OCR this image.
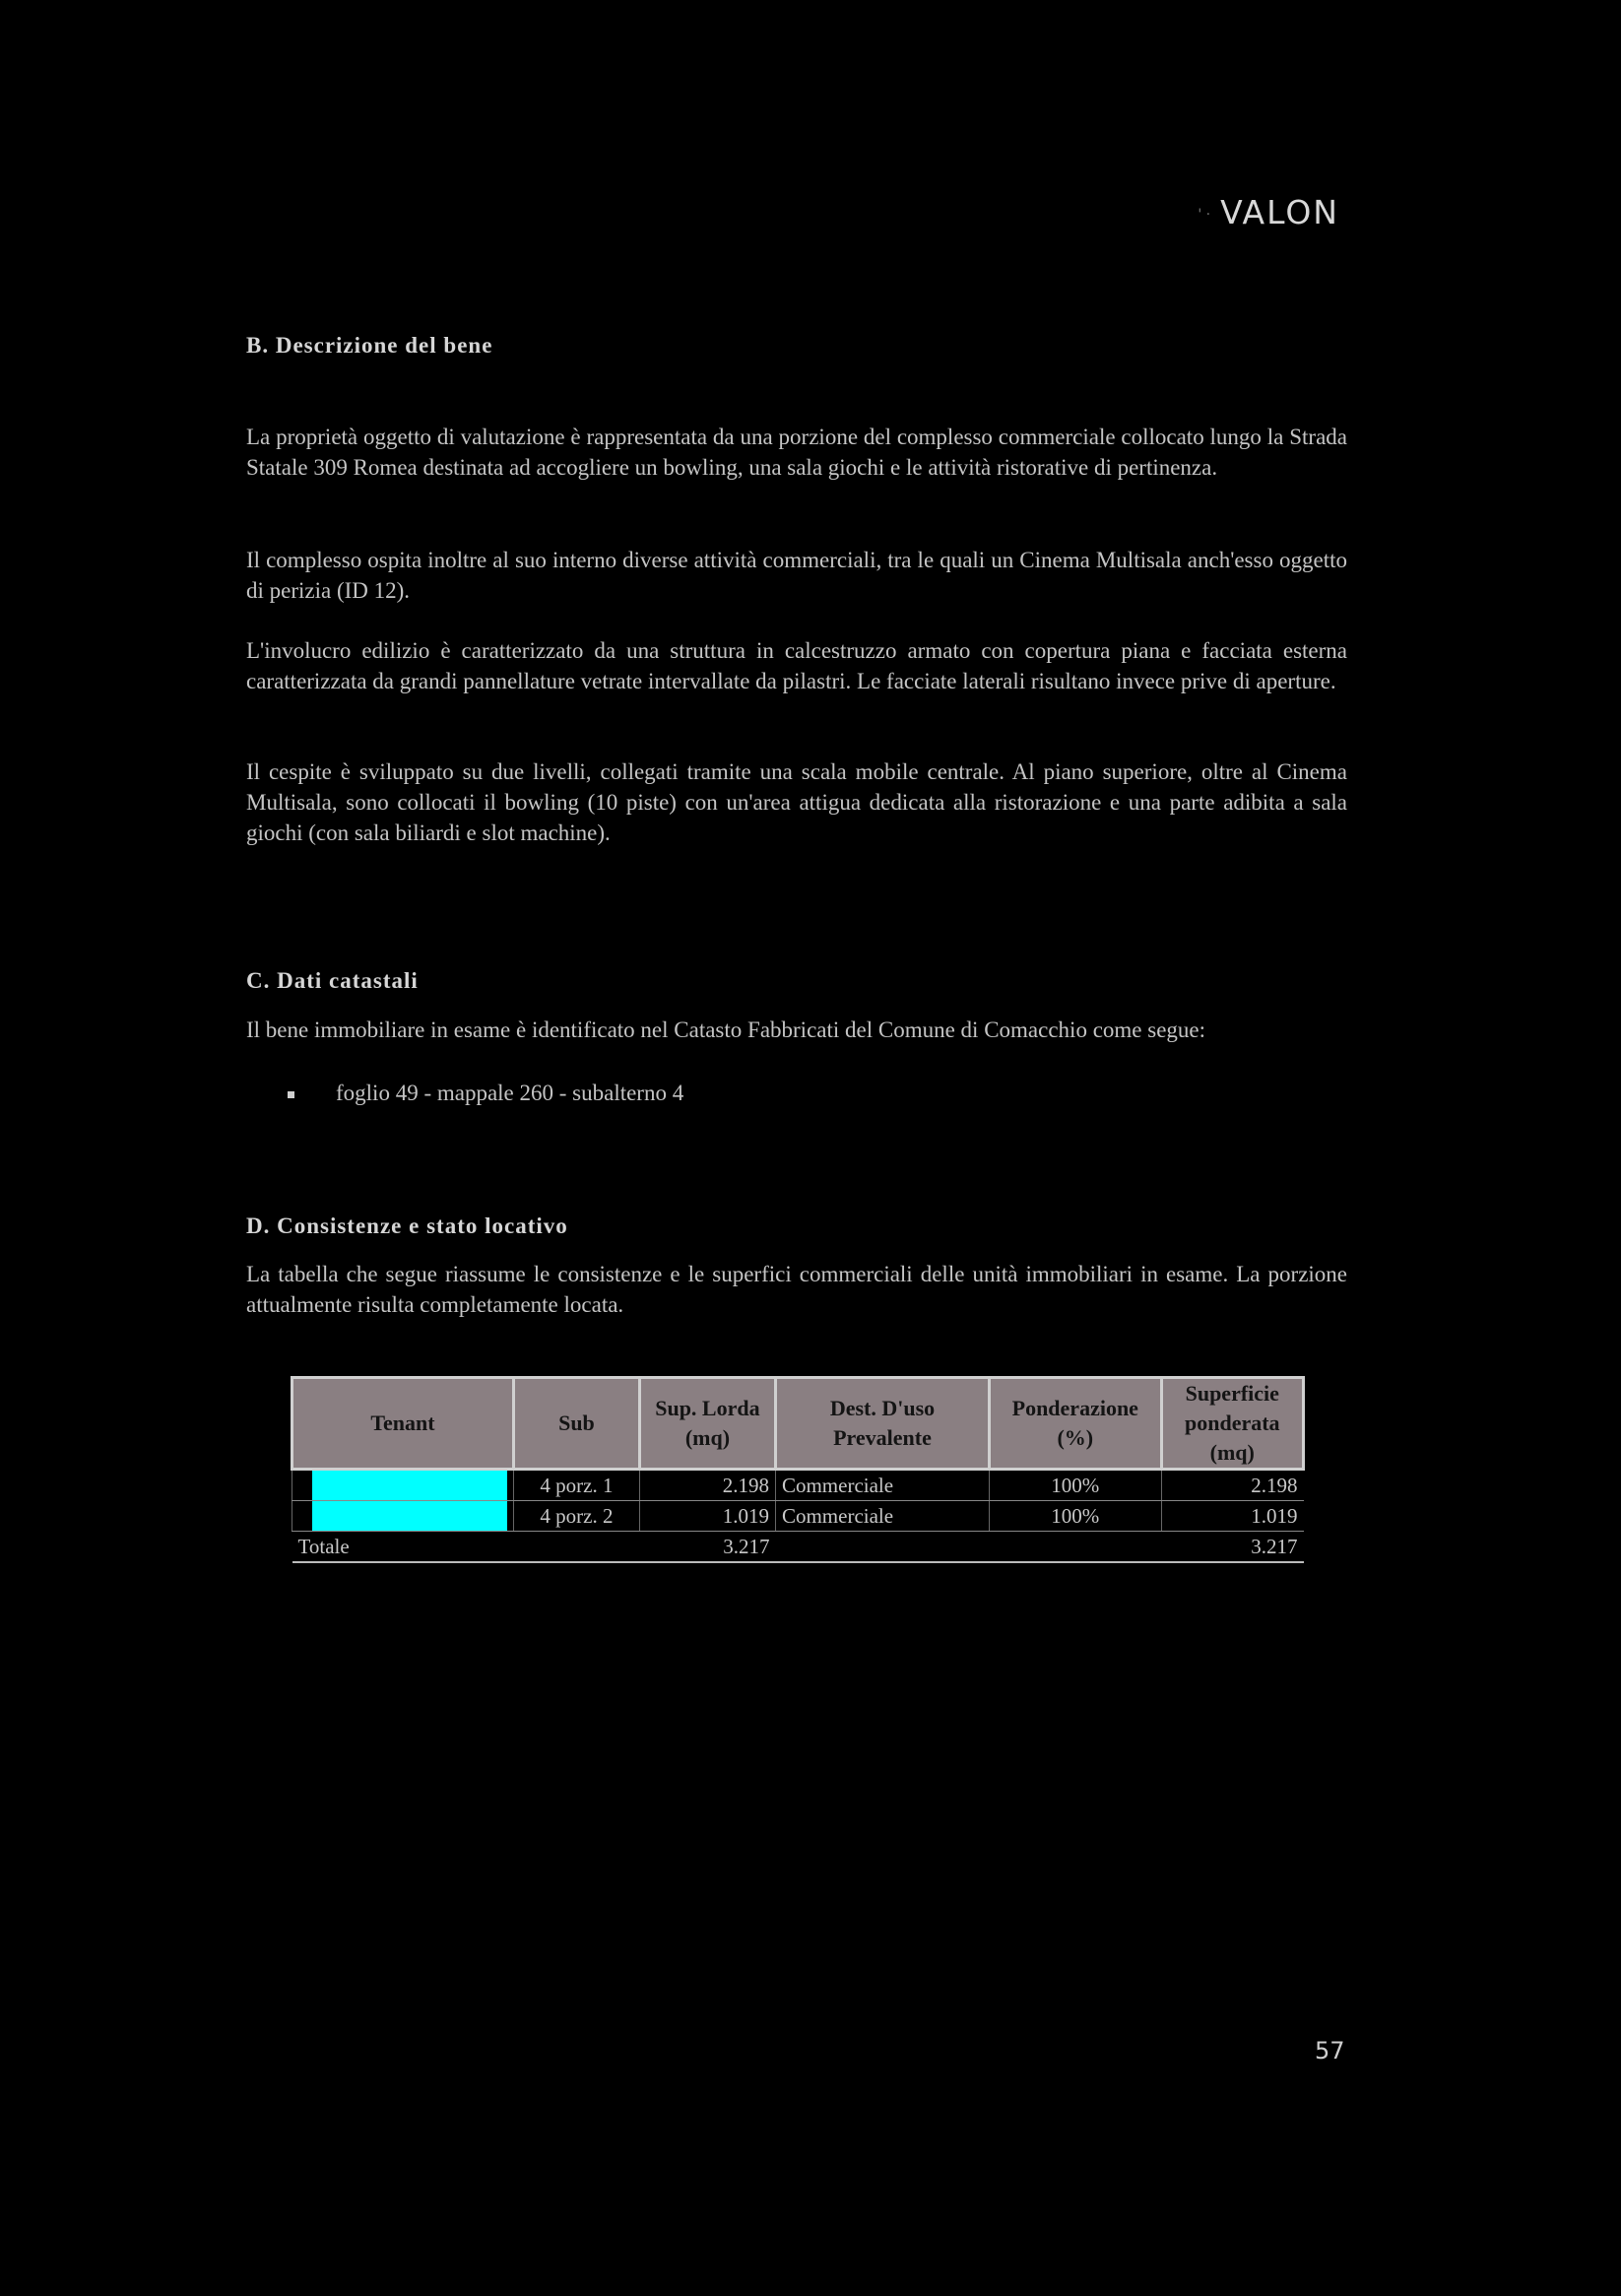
' · VALON
B. Descrizione del bene

La proprietà oggetto di valutazione è rappresentata da una porzione del complesso commerciale collocato lungo la Strada Statale 309 Romea destinata ad accogliere un bowling, una sala giochi e le attività ristorative di pertinenza.

Il complesso ospita inoltre al suo interno diverse attività commerciali, tra le quali un Cinema Multisala anch'esso oggetto di perizia (ID 12).

L'involucro edilizio è caratterizzato da una struttura in calcestruzzo armato con copertura piana e facciata esterna caratterizzata da grandi pannellature vetrate intervallate da pilastri. Le facciate laterali risultano invece prive di aperture.

Il cespite è sviluppato su due livelli, collegati tramite una scala mobile centrale. Al piano superiore, oltre al Cinema Multisala, sono collocati il bowling (10 piste) con un'area attigua dedicata alla ristorazione e una parte adibita a sala giochi (con sala biliardi e slot machine).

C. Dati catastali

Il bene immobiliare in esame è identificato nel Catasto Fabbricati del Comune di Comacchio come segue:

foglio 49 - mappale 260 - subalterno 4
D. Consistenze e stato locativo

La tabella che segue riassume le consistenze e le superfici commerciali delle unità immobiliari in esame. La porzione attualmente risulta completamente locata.

Tenant	Sub	Sup. Lorda (mq)	Dest. D'uso Prevalente	Ponderazione (%)	Superficie ponderata (mq)

	4 porz. 1	2.198	Commerciale	100%	2.198

	4 porz. 2	1.019	Commerciale	100%	1.019
Totale		3.217			3.217
57
